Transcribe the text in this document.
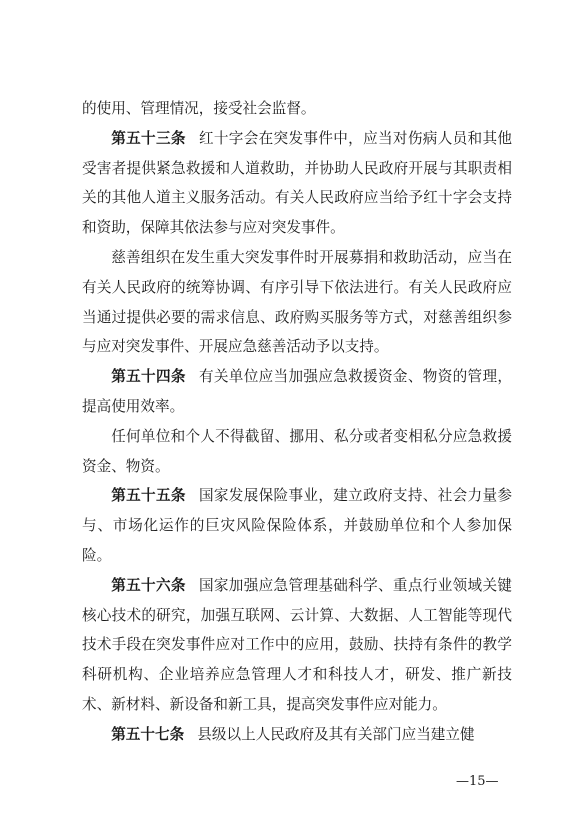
的使用、管理情况，接受社会监督。

第五十三条 红十字会在突发事件中，应当对伤病人员和其他受害者提供紧急救援和人道救助，并协助人民政府开展与其职责相关的其他人道主义服务活动。有关人民政府应当给予红十字会支持和资助，保障其依法参与应对突发事件。

慈善组织在发生重大突发事件时开展募捐和救助活动，应当在有关人民政府的统筹协调、有序引导下依法进行。有关人民政府应当通过提供必要的需求信息、政府购买服务等方式，对慈善组织参与应对突发事件、开展应急慈善活动予以支持。

第五十四条 有关单位应当加强应急救援资金、物资的管理，提高使用效率。

任何单位和个人不得截留、挪用、私分或者变相私分应急救援资金、物资。

第五十五条 国家发展保险事业，建立政府支持、社会力量参与、市场化运作的巨灾风险保险体系，并鼓励单位和个人参加保险。

第五十六条 国家加强应急管理基础科学、重点行业领域关键核心技术的研究，加强互联网、云计算、大数据、人工智能等现代技术手段在突发事件应对工作中的应用，鼓励、扶持有条件的教学科研机构、企业培养应急管理人才和科技人才，研发、推广新技术、新材料、新设备和新工具，提高突发事件应对能力。

第五十七条 县级以上人民政府及其有关部门应当建立健

—15—
